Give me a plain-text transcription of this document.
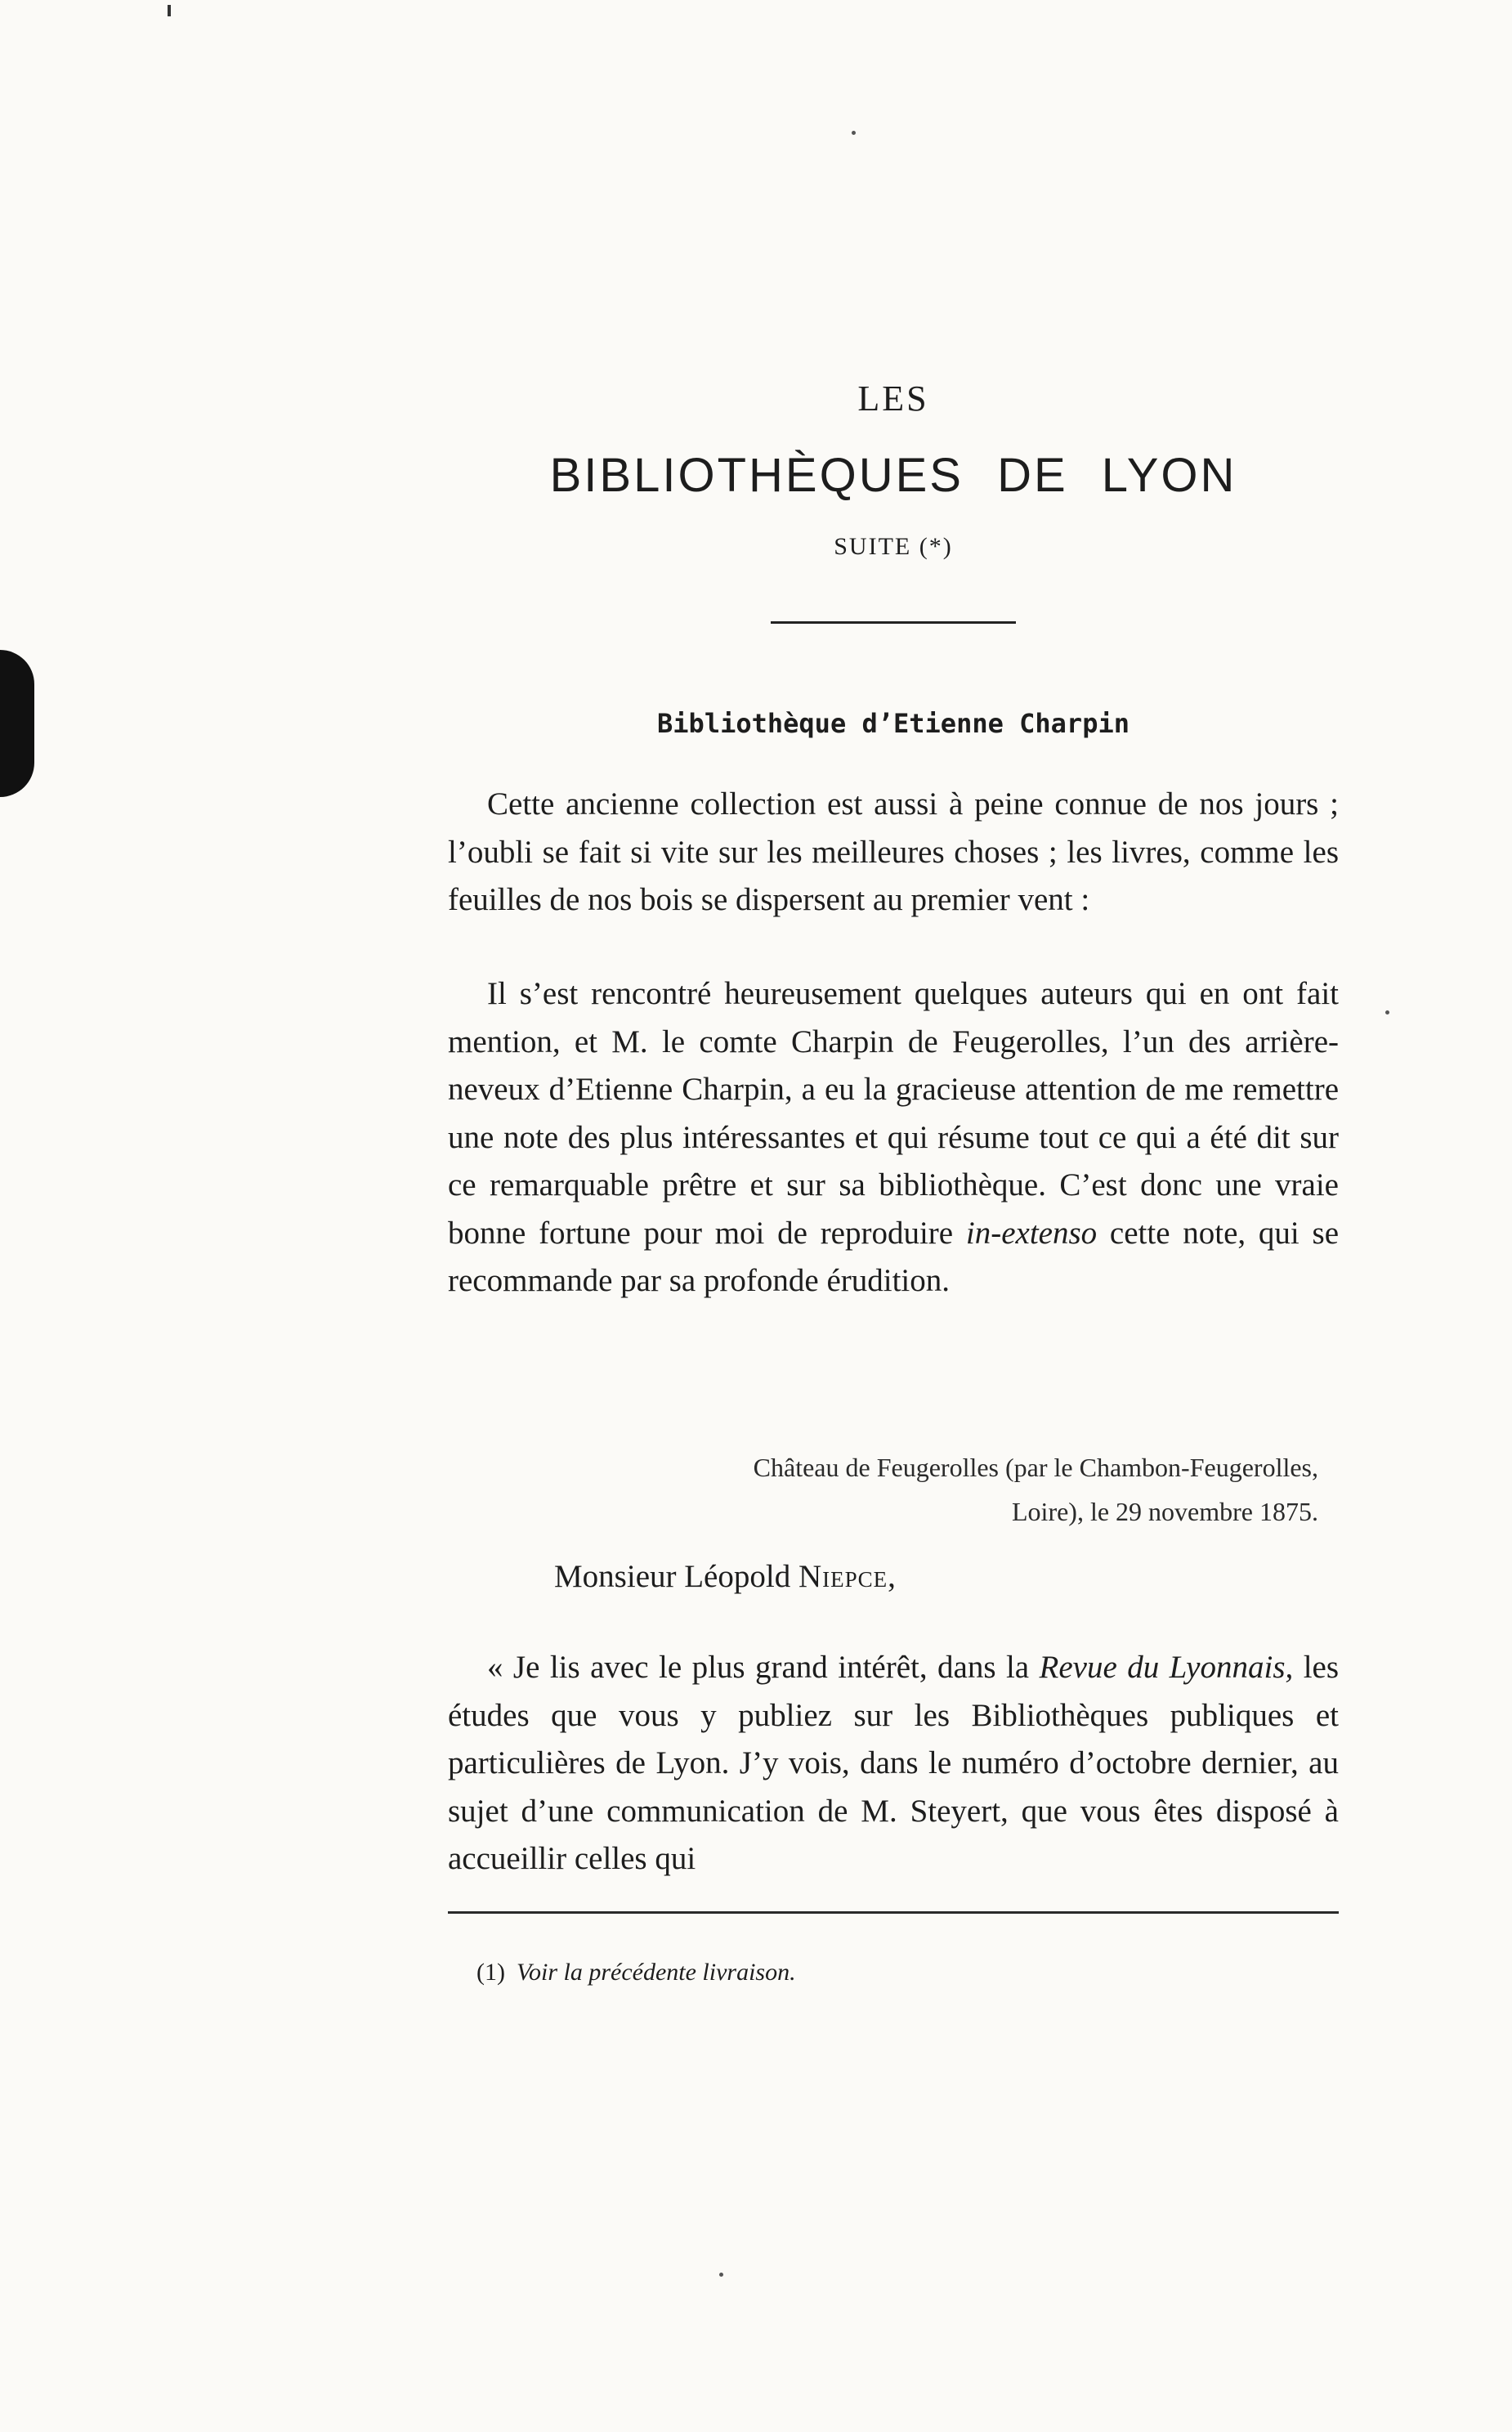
LES
BIBLIOTHÈQUES DE LYON
SUITE (*)
Bibliothèque d’Etienne Charpin

Cette ancienne collection est aussi à peine connue de nos jours ; l’oubli se fait si vite sur les meilleures choses ; les livres, comme les feuilles de nos bois se dispersent au premier vent :

Il s’est rencontré heureusement quelques auteurs qui en ont fait mention, et M. le comte Charpin de Feugerolles, l’un des arrière-neveux d’Etienne Charpin, a eu la gracieuse attention de me remettre une note des plus intéressantes et qui résume tout ce qui a été dit sur ce remarquable prêtre et sur sa bibliothèque. C’est donc une vraie bonne fortune pour moi de reproduire in-extenso cette note, qui se recommande par sa profonde érudition.

Château de Feugerolles (par le Chambon-Feugerolles,
Loire), le 29 novembre 1875.
Monsieur Léopold Niepce,

« Je lis avec le plus grand intérêt, dans la Revue du Lyonnais, les études que vous y publiez sur les Bibliothèques publiques et particulières de Lyon. J’y vois, dans le numéro d’octobre dernier, au sujet d’une communication de M. Steyert, que vous êtes disposé à accueillir celles qui

(1) Voir la précédente livraison.
